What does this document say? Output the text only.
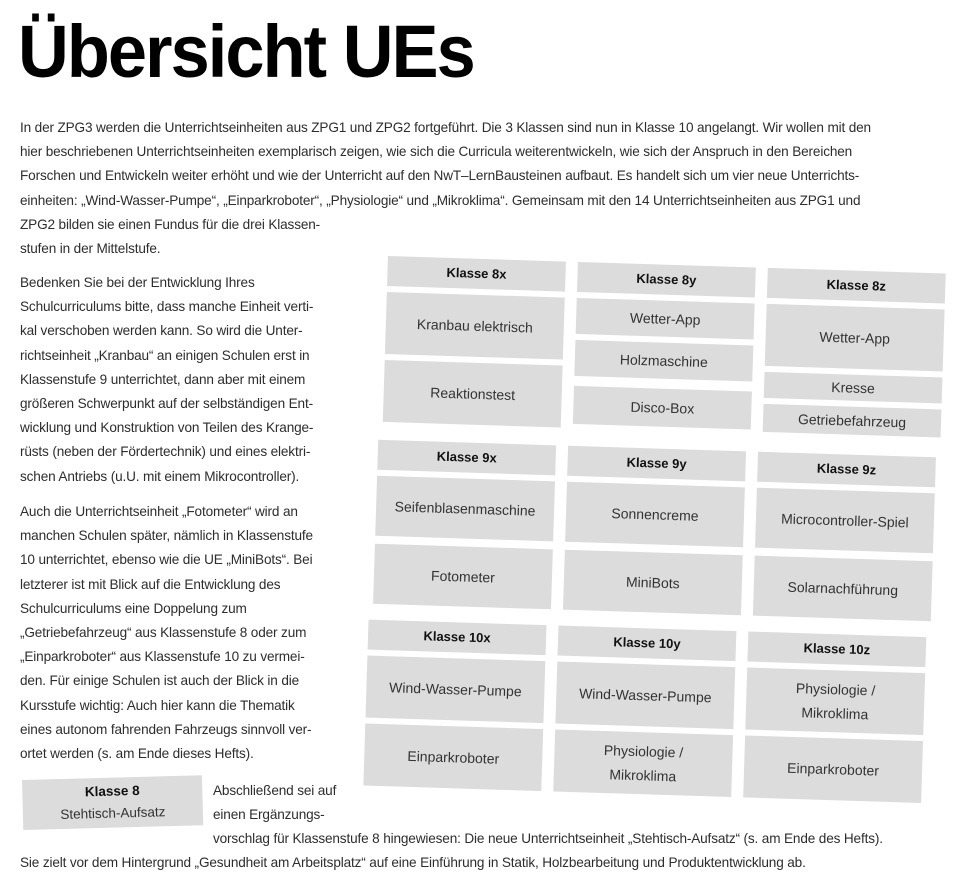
Übersicht UEs

In der ZPG3 werden die Unterrichtseinheiten aus ZPG1 und ZPG2 fortgeführt. Die 3 Klassen sind nun in Klasse 10 angelangt. Wir wollen mit den
hier beschriebenen Unterrichtseinheiten exemplarisch zeigen, wie sich die Curricula weiterentwickeln, wie sich der Anspruch in den Bereichen
Forschen und Entwickeln weiter erhöht und wie der Unterricht auf den NwT–LernBausteinen aufbaut. Es handelt sich um vier neue Unterrichts-
einheiten: „Wind-Wasser-Pumpe“, „Einparkroboter“, „Physiologie“ und „Mikroklima“. Gemeinsam mit den 14 Unterrichtseinheiten aus ZPG1 und
ZPG2 bilden sie einen Fundus für die drei Klassen-
stufen in der Mittelstufe.

Bedenken Sie bei der Entwicklung Ihres
Schulcurriculums bitte, dass manche Einheit verti-
kal verschoben werden kann. So wird die Unter-
richtseinheit „Kranbau“ an einigen Schulen erst in
Klassenstufe 9 unterrichtet, dann aber mit einem
größeren Schwerpunkt auf der selbständigen Ent-
wicklung und Konstruktion von Teilen des Krange-
rüsts (neben der Fördertechnik) und eines elektri-
schen Antriebs (u.U. mit einem Mikrocontroller).

Auch die Unterrichtseinheit „Fotometer“ wird an
manchen Schulen später, nämlich in Klassenstufe
10 unterrichtet, ebenso wie die UE „MiniBots“. Bei
letzterer ist mit Blick auf die Entwicklung des
Schulcurriculums eine Doppelung zum
„Getriebefahrzeug“ aus Klassenstufe 8 oder zum
„Einparkroboter“ aus Klassenstufe 10 zu vermei-
den. Für einige Schulen ist auch der Blick in die
Kursstufe wichtig: Auch hier kann die Thematik
eines autonom fahrenden Fahrzeugs sinnvoll ver-
ortet werden (s. am Ende dieses Hefts).

Klasse 8x
Kranbau elektrisch
Reaktionstest
Klasse 8y
Wetter-App
Holzmaschine
Disco-Box
Klasse 8z
Wetter-App
Kresse
Getriebefahrzeug
Klasse 9x
Seifenblasenmaschine
Fotometer
Klasse 9y
Sonnencreme
MiniBots
Klasse 9z
Microcontroller-Spiel
Solarnachführung
Klasse 10x
Wind-Wasser-Pumpe
Einparkroboter
Klasse 10y
Wind-Wasser-Pumpe
Physiologie / Mikroklima
Klasse 10z
Physiologie / Mikroklima
Einparkroboter
Klasse 8
Stehtisch-Aufsatz

Abschließend sei auf
einen Ergänzungs-

vorschlag für Klassenstufe 8 hingewiesen: Die neue Unterrichtseinheit „Stehtisch-Aufsatz“ (s. am Ende des Hefts).

Sie zielt vor dem Hintergrund „Gesundheit am Arbeitsplatz“ auf eine Einführung in Statik, Holzbearbeitung und Produktentwicklung ab.
